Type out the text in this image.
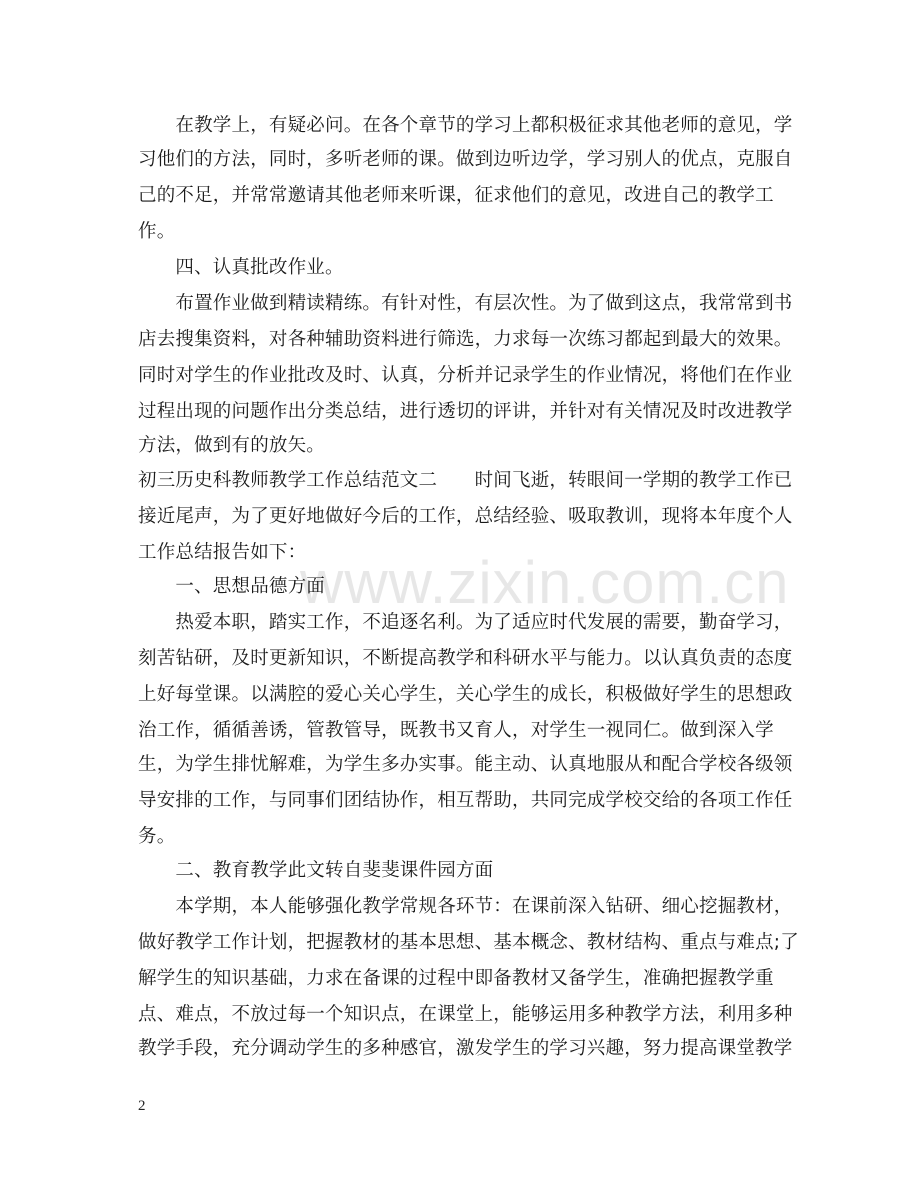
　　在教学上，有疑必问。在各个章节的学习上都积极征求其他老师的意见，学
习他们的方法，同时，多听老师的课。做到边听边学，学习别人的优点，克服自
己的不足，并常常邀请其他老师来听课，征求他们的意见，改进自己的教学工
作。
　　四、认真批改作业。
　　布置作业做到精读精练。有针对性，有层次性。为了做到这点，我常常到书
店去搜集资料，对各种辅助资料进行筛选，力求每一次练习都起到最大的效果。
同时对学生的作业批改及时、认真，分析并记录学生的作业情况，将他们在作业
过程出现的问题作出分类总结，进行透切的评讲，并针对有关情况及时改进教学
方法，做到有的放矢。
初三历史科教师教学工作总结范文二　　时间飞逝，转眼间一学期的教学工作已
接近尾声，为了更好地做好今后的工作，总结经验、吸取教训，现将本年度个人
工作总结报告如下：
　　一、思想品德方面
　　热爱本职，踏实工作，不追逐名利。为了适应时代发展的需要，勤奋学习，
刻苦钻研，及时更新知识，不断提高教学和科研水平与能力。以认真负责的态度
上好每堂课。以满腔的爱心关心学生，关心学生的成长，积极做好学生的思想政
治工作，循循善诱，管教管导，既教书又育人，对学生一视同仁。做到深入学
生，为学生排忧解难，为学生多办实事。能主动、认真地服从和配合学校各级领
导安排的工作，与同事们团结协作，相互帮助，共同完成学校交给的各项工作任
务。
　　二、教育教学此文转自斐斐课件园方面
　　本学期，本人能够强化教学常规各环节：在课前深入钻研、细心挖掘教材，
做好教学工作计划，把握教材的基本思想、基本概念、教材结构、重点与难点;了
解学生的知识基础，力求在备课的过程中即备教材又备学生，准确把握教学重
点、难点，不放过每一个知识点，在课堂上，能够运用多种教学方法，利用多种
教学手段，充分调动学生的多种感官，激发学生的学习兴趣，努力提高课堂教学
www.zixin.com.cn
2
